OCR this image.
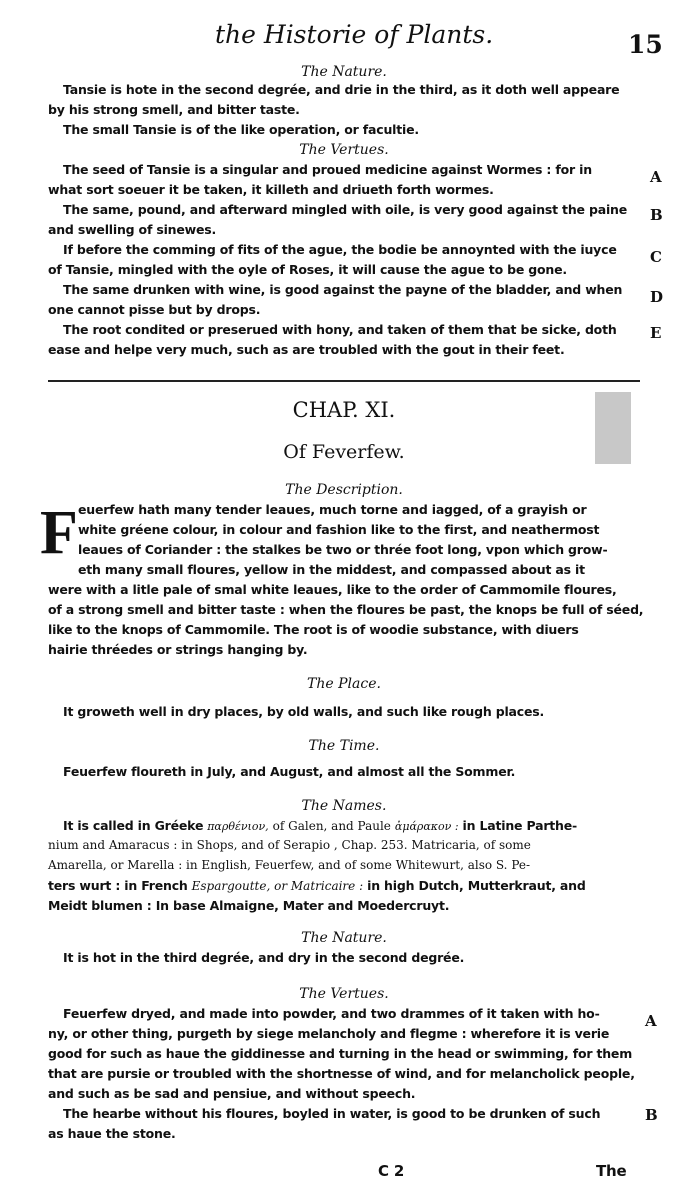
the Historie of Plants.	15
The Nature.
Tansie is hote in the second degrée, and drie in the third, as it doth well appeare
by his strong smell, and bitter taste.
The small Tansie is of the like operation, or facultie.
The Vertues.
The seed of Tansie is a singular and proued medicine against Wormes : for in
what sort soeuer it be taken, it killeth and driueth forth wormes.
The same, pound, and afterward mingled with oile, is very good against the paine
and swelling of sinewes.
If before the comming of fits of the ague, the bodie be annoynted with the iuyce
of Tansie, mingled with the oyle of Roses, it will cause the ague to be gone.
The same drunken with wine, is good against the payne of the bladder, and when
one cannot pisse but by drops.
The root condited or preserued with hony, and taken of them that be sicke, doth
ease and helpe very much, such as are troubled with the gout in their feet.
A
B
C
D
E
CHAP. XI.
Of Feverfew.
The Description.
F euerfew hath many tender leaues, much torne and iagged, of a grayish or
white gréene colour, in colour and fashion like to the first, and neathermost
leaues of Coriander : the stalkes be two or thrée foot long, vpon which grow-
eth many small floures, yellow in the middest, and compassed about as it
were with a litle pale of smal white leaues, like to the order of Cammomile floures,
of a strong smell and bitter taste : when the floures be past, the knops be full of séed,
like to the knops of Cammomile. The root is of woodie substance, with diuers
hairie thréedes or strings hanging by.
The Place.
It groweth well in dry places, by old walls, and such like rough places.
The Time.
Feuerfew floureth in July, and August, and almost all the Sommer.
The Names.
It is called in Gréeke παρθένιον, of Galen, and Paule ἀμάρακον : in Latine Parthe-
nium and Amaracus : in Shops, and of Serapio , Chap. 253. Matricaria, of some
Amarella, or Marella : in English, Feuerfew, and of some Whitewurt, also S. Pe-
ters wurt : in French Espargoutte, or Matricaire : in high Dutch, Mutterkraut, and
Meidt blumen : In base Almaigne, Mater and Moedercruyt.
The Nature.
It is hot in the third degrée, and dry in the second degrée.
The Vertues.
Feuerfew dryed, and made into powder, and two drammes of it taken with ho-
ny, or other thing, purgeth by siege melancholy and flegme : wherefore it is verie
good for such as haue the giddinesse and turning in the head or swimming, for them
that are pursie or troubled with the shortnesse of wind, and for melancholick people,
and such as be sad and pensiue, and without speech.
The hearbe without his floures, boyled in water, is good to be drunken of such
as haue the stone.
A
B
C 2	The
